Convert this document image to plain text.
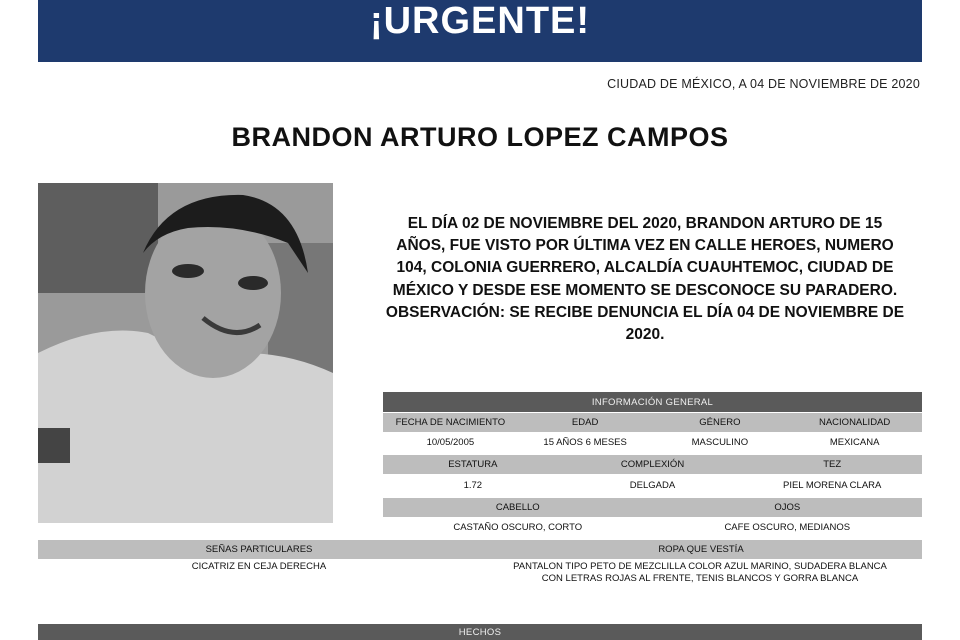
¡URGENTE!
CIUDAD DE MÉXICO, A 04 DE NOVIEMBRE DE 2020
BRANDON ARTURO LOPEZ CAMPOS

EL DÍA 02 DE NOVIEMBRE DEL 2020, BRANDON ARTURO DE 15 AÑOS, FUE VISTO POR ÚLTIMA VEZ EN CALLE HEROES, NUMERO 104, COLONIA GUERRERO, ALCALDÍA CUAUHTEMOC, CIUDAD DE MÉXICO Y DESDE ESE MOMENTO SE DESCONOCE SU PARADERO.

OBSERVACIÓN: SE RECIBE DENUNCIA EL DÍA 04 DE NOVIEMBRE DE 2020.

INFORMACIÓN GENERAL
FECHA DE NACIMIENTO	EDAD	GÉNERO	NACIONALIDAD
10/05/2005	15 AÑOS 6 MESES	MASCULINO	MEXICANA
ESTATURA	COMPLEXIÓN	TEZ
1.72	DELGADA	PIEL MORENA CLARA
CABELLO	OJOS
CASTAÑO OSCURO, CORTO	CAFE OSCURO, MEDIANOS
SEÑAS PARTICULARES	ROPA QUE VESTÍA
CICATRIZ EN CEJA DERECHA	PANTALON TIPO PETO DE MEZCLILLA COLOR AZUL MARINO, SUDADERA BLANCA
CON LETRAS ROJAS AL FRENTE, TENIS BLANCOS Y GORRA BLANCA
HECHOS
